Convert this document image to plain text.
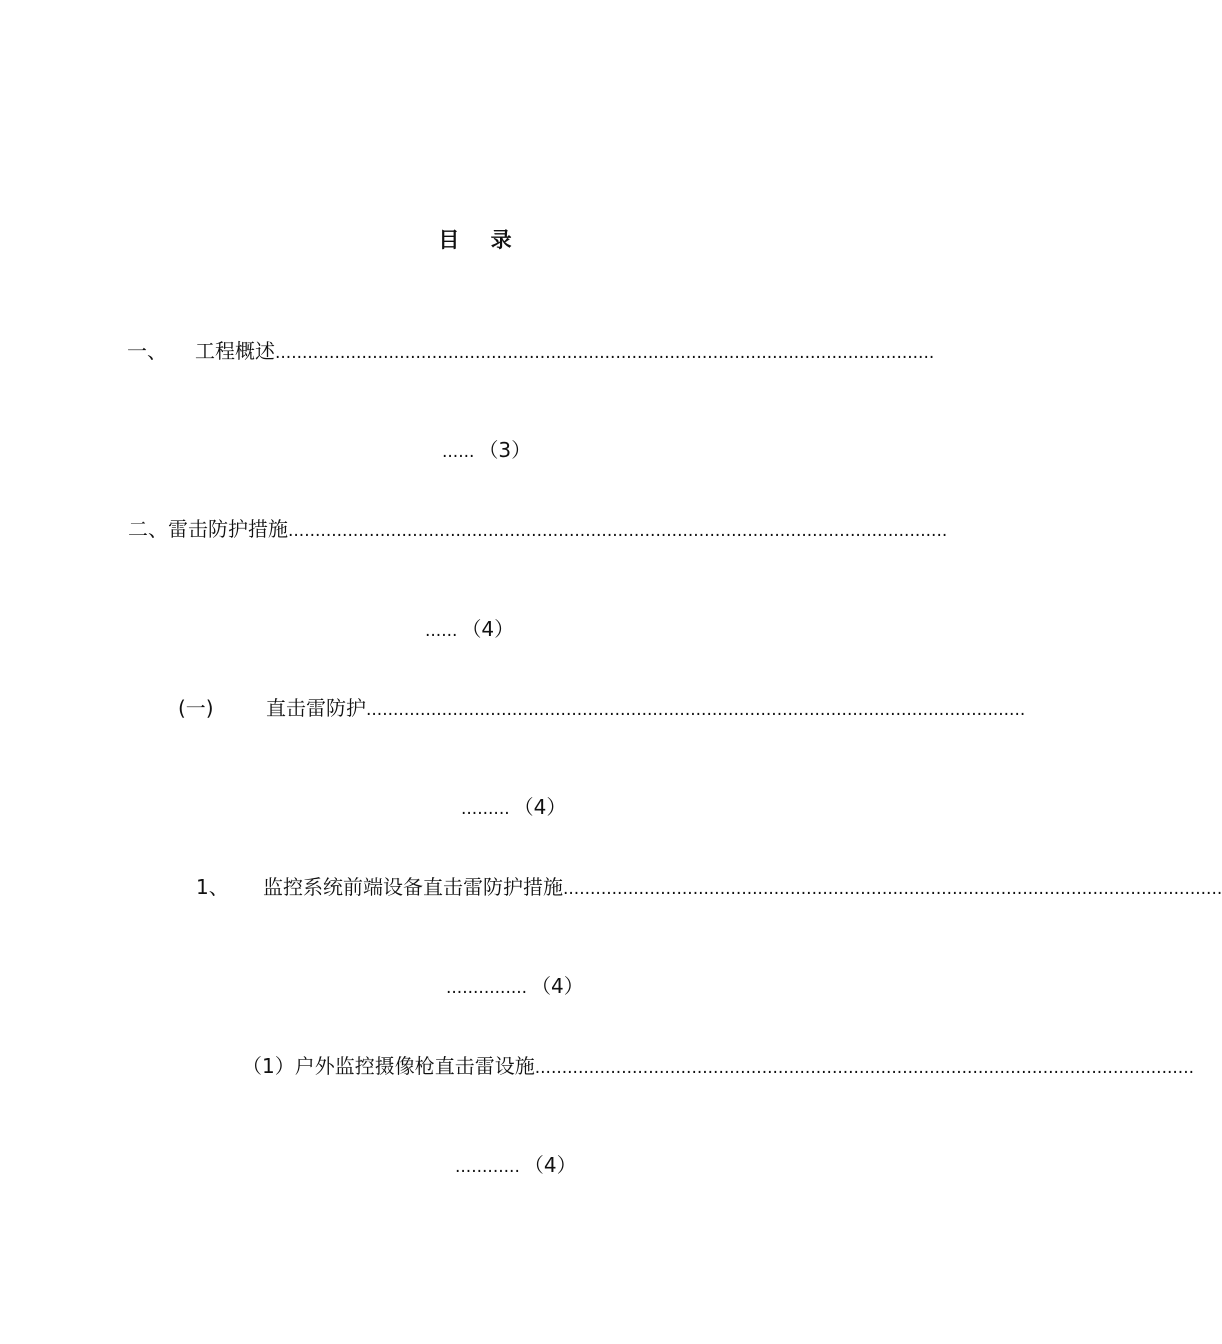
目 录
一、 工程概述..........................................................................................................................
...... （3）
二、雷击防护措施..........................................................................................................................
...... （4）
(一)	直击雷防护..........................................................................................................................
......... （4）
1、 监控系统前端设备直击雷防护措施..........................................................................................................................
............... （4）
（1）户外监控摄像枪直击雷设施..........................................................................................................................
............ （4）
